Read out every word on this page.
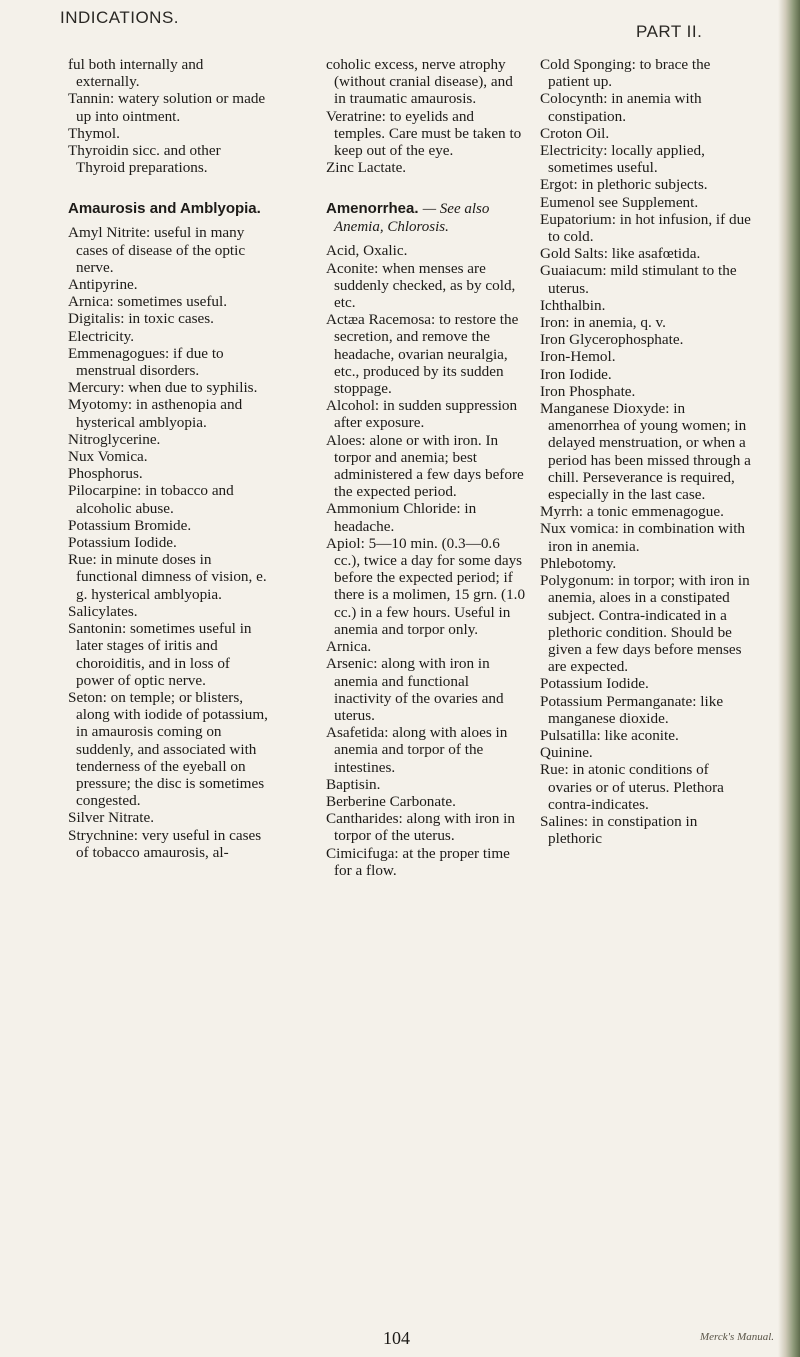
INDICATIONS.
PART II.

ful both internally and externally.

Tannin: watery solution or made up into ointment.

Thymol.

Thyroidin sicc. and other Thyroid preparations.

Amaurosis and Amblyopia.

Amyl Nitrite: useful in many cases of disease of the optic nerve.

Antipyrine.

Arnica: sometimes useful.

Digitalis: in toxic cases.

Electricity.

Emmenagogues: if due to menstrual disorders.

Mercury: when due to syphilis.

Myotomy: in asthenopia and hysterical amblyopia.

Nitroglycerine.

Nux Vomica.

Phosphorus.

Pilocarpine: in tobacco and alcoholic abuse.

Potassium Bromide.

Potassium Iodide.

Rue: in minute doses in functional dimness of vision, e. g. hysterical amblyopia.

Salicylates.

Santonin: sometimes useful in later stages of iritis and choroiditis, and in loss of power of optic nerve.

Seton: on temple; or blisters, along with iodide of potassium, in amaurosis coming on suddenly, and associated with tenderness of the eyeball on pressure; the disc is sometimes congested.

Silver Nitrate.

Strychnine: very useful in cases of tobacco amaurosis, al-

coholic excess, nerve atrophy (without cranial disease), and in traumatic amaurosis.

Veratrine: to eyelids and temples. Care must be taken to keep out of the eye.

Zinc Lactate.

Amenorrhea. — See also Anemia, Chlorosis.

Acid, Oxalic.

Aconite: when menses are suddenly checked, as by cold, etc.

Actæa Racemosa: to restore the secretion, and remove the headache, ovarian neuralgia, etc., produced by its sudden stoppage.

Alcohol: in sudden suppression after exposure.

Aloes: alone or with iron. In torpor and anemia; best administered a few days before the expected period.

Ammonium Chloride: in headache.

Apiol: 5—10 min. (0.3—0.6 cc.), twice a day for some days before the expected period; if there is a molimen, 15 grn. (1.0 cc.) in a few hours. Useful in anemia and torpor only.

Arnica.

Arsenic: along with iron in anemia and functional inactivity of the ovaries and uterus.

Asafetida: along with aloes in anemia and torpor of the intestines.

Baptisin.

Berberine Carbonate.

Cantharides: along with iron in torpor of the uterus.

Cimicifuga: at the proper time for a flow.

Cold Sponging: to brace the patient up.

Colocynth: in anemia with constipation.

Croton Oil.

Electricity: locally applied, sometimes useful.

Ergot: in plethoric subjects.

Eumenol see Supplement.

Eupatorium: in hot infusion, if due to cold.

Gold Salts: like asafœtida.

Guaiacum: mild stimulant to the uterus.

Ichthalbin.

Iron: in anemia, q. v.

Iron Glycerophosphate.

Iron-Hemol.

Iron Iodide.

Iron Phosphate.

Manganese Dioxyde: in amenorrhea of young women; in delayed menstruation, or when a period has been missed through a chill. Perseverance is required, especially in the last case.

Myrrh: a tonic emmenagogue.

Nux vomica: in combination with iron in anemia.

Phlebotomy.

Polygonum: in torpor; with iron in anemia, aloes in a constipated subject. Contra-indicated in a plethoric condition. Should be given a few days before menses are expected.

Potassium Iodide.

Potassium Permanganate: like manganese dioxide.

Pulsatilla: like aconite.

Quinine.

Rue: in atonic conditions of ovaries or of uterus. Plethora contra-indicates.

Salines: in constipation in plethoric

104	Merck's Manual.
